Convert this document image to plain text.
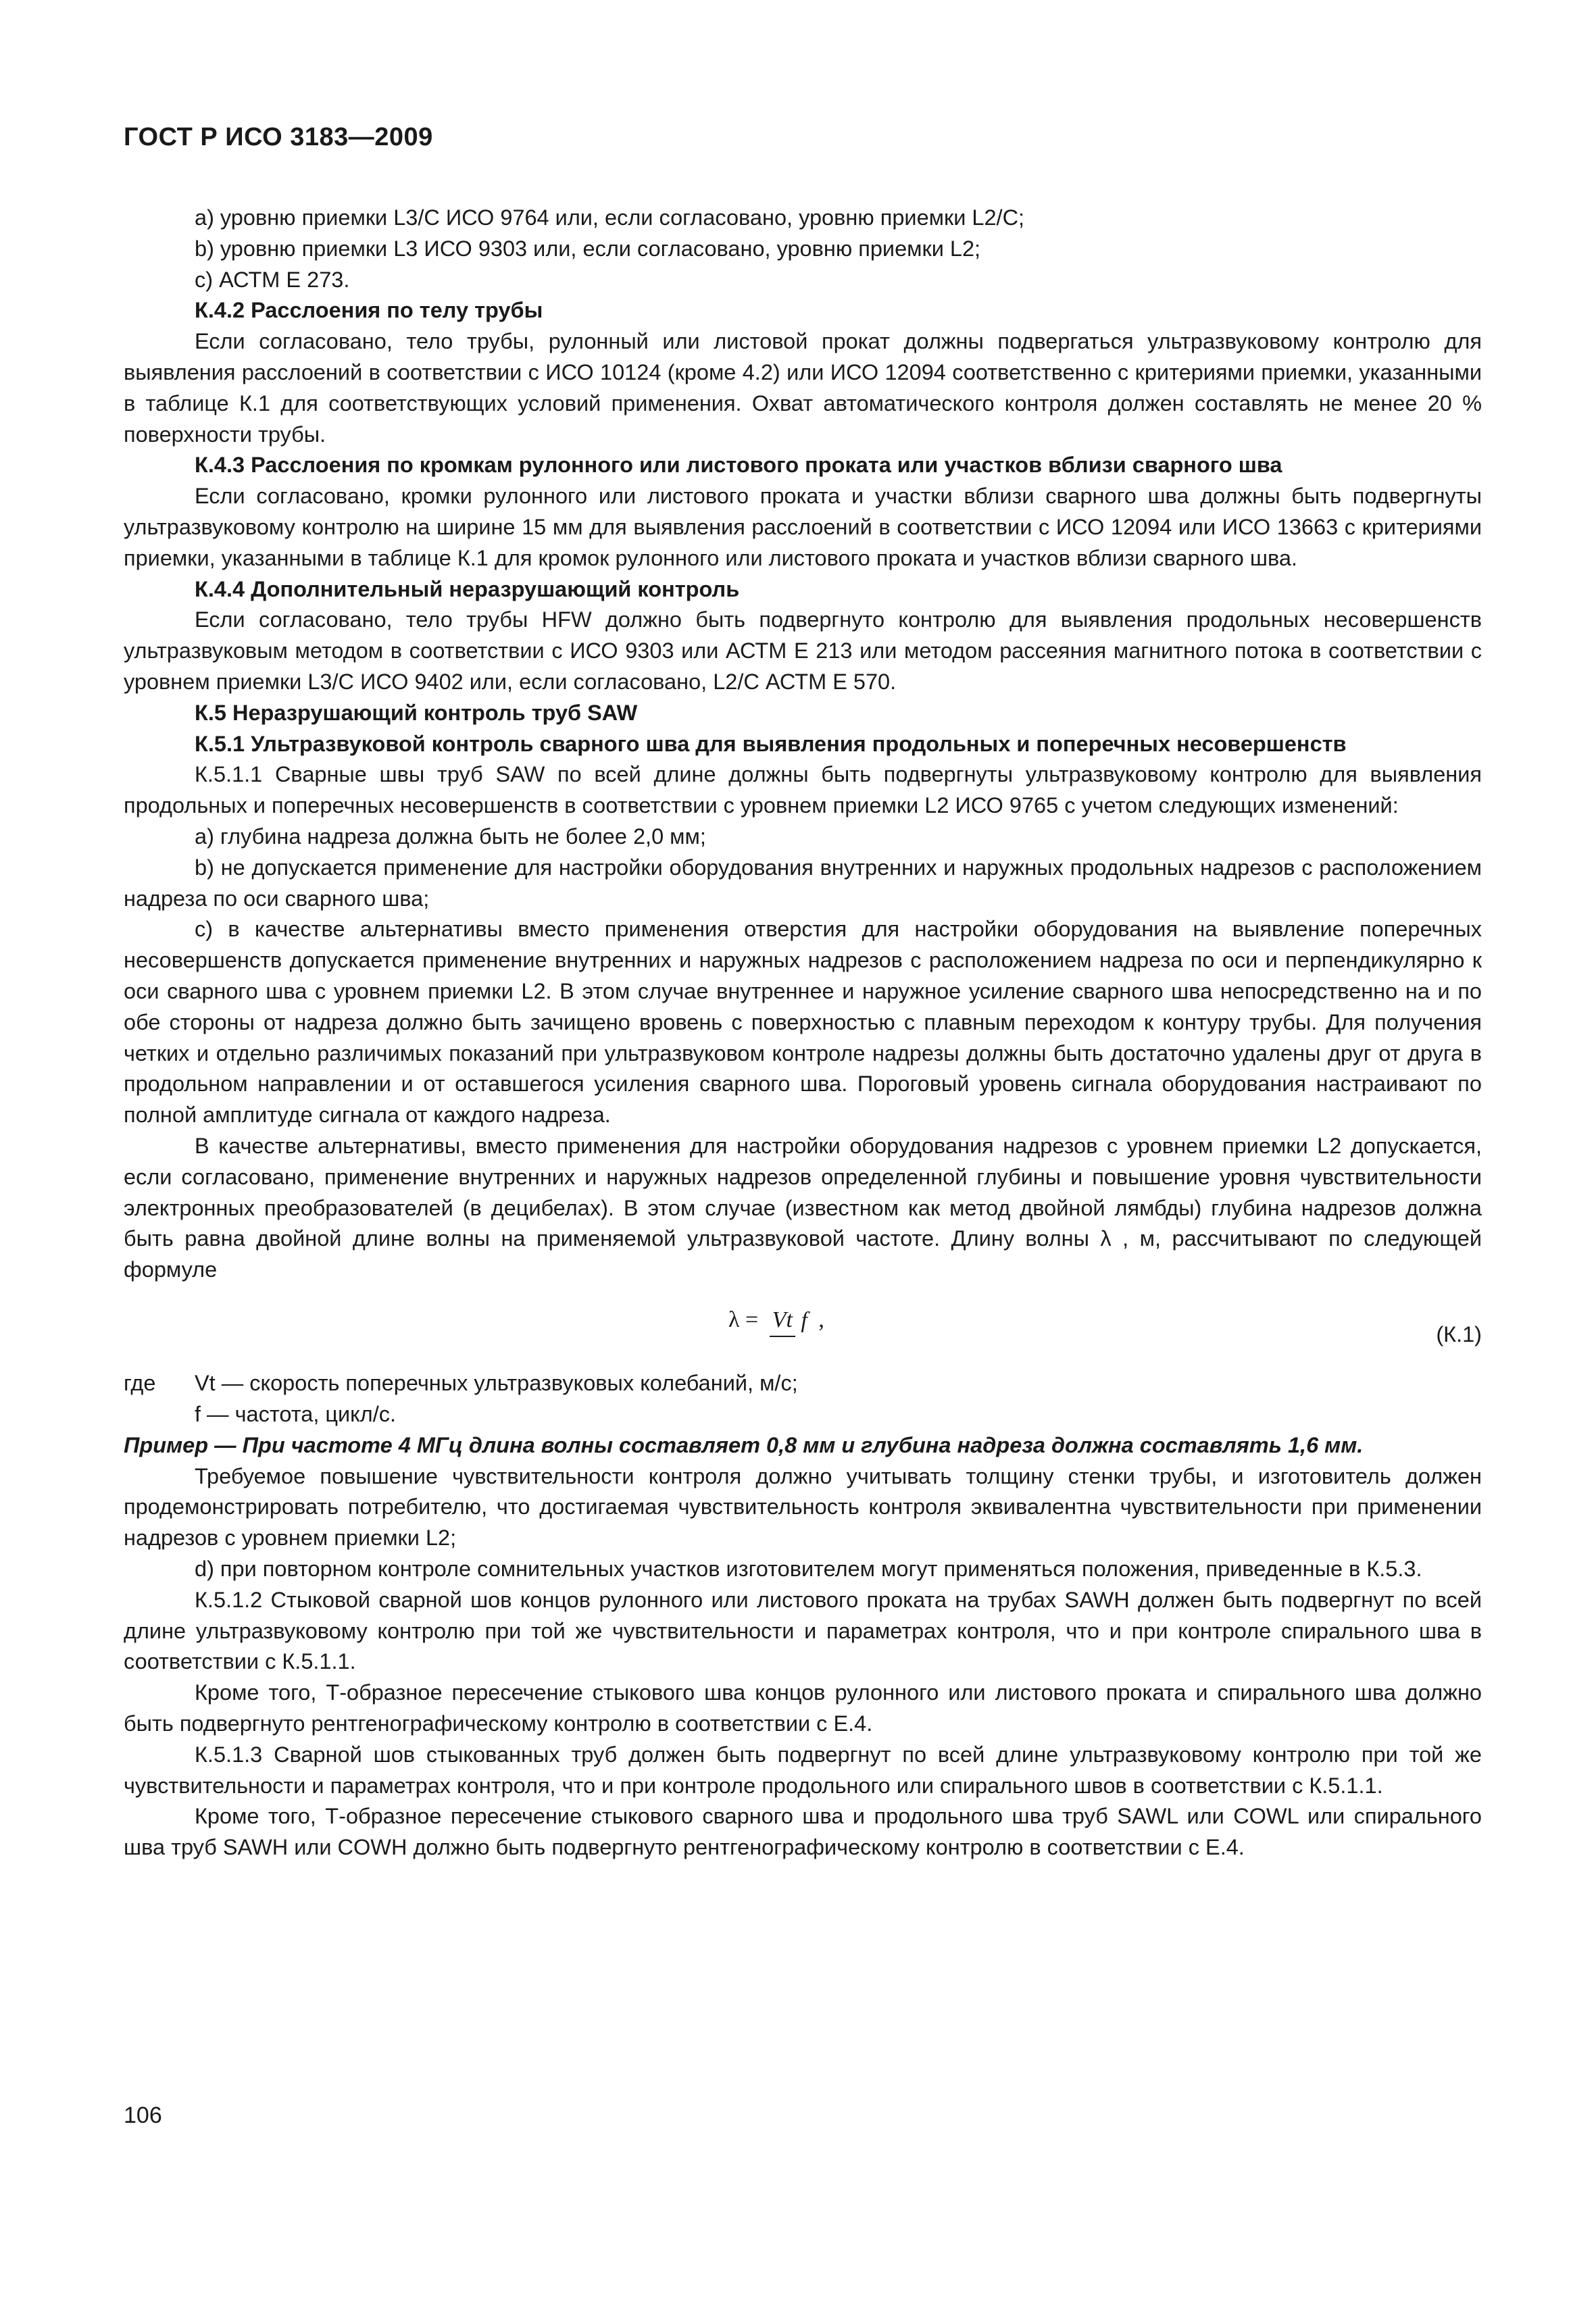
ГОСТ Р ИСО 3183—2009

a) уровню приемки L3/C ИСО 9764 или, если согласовано, уровню приемки L2/C;

b) уровню приемки L3 ИСО 9303 или, если согласовано, уровню приемки L2;

c) АСТМ Е 273.

К.4.2 Расслоения по телу трубы

Если согласовано, тело трубы, рулонный или листовой прокат должны подвергаться ультразвуковому контролю для выявления расслоений в соответствии с ИСО 10124 (кроме 4.2) или ИСО 12094 соответственно с критериями приемки, указанными в таблице К.1 для соответствующих условий применения. Охват автоматического контроля должен составлять не менее 20 % поверхности трубы.

К.4.3 Расслоения по кромкам рулонного или листового проката или участков вблизи сварного шва

Если согласовано, кромки рулонного или листового проката и участки вблизи сварного шва должны быть подвергнуты ультразвуковому контролю на ширине 15 мм для выявления расслоений в соответствии с ИСО 12094 или ИСО 13663 с критериями приемки, указанными в таблице К.1 для кромок рулонного или листового проката и участков вблизи сварного шва.

К.4.4 Дополнительный неразрушающий контроль

Если согласовано, тело трубы HFW должно быть подвергнуто контролю для выявления продольных несовершенств ультразвуковым методом в соответствии с ИСО 9303 или АСТМ Е 213 или методом рассеяния магнитного потока в соответствии с уровнем приемки L3/C ИСО 9402 или, если согласовано, L2/C АСТМ Е 570.

К.5 Неразрушающий контроль труб SAW

К.5.1 Ультразвуковой контроль сварного шва для выявления продольных и поперечных несовершенств

К.5.1.1 Сварные швы труб SAW по всей длине должны быть подвергнуты ультразвуковому контролю для выявления продольных и поперечных несовершенств в соответствии с уровнем приемки L2 ИСО 9765 с учетом следующих изменений:

a) глубина надреза должна быть не более 2,0 мм;

b) не допускается применение для настройки оборудования внутренних и наружных продольных надрезов с расположением надреза по оси сварного шва;

c) в качестве альтернативы вместо применения отверстия для настройки оборудования на выявление поперечных несовершенств допускается применение внутренних и наружных надрезов с расположением надреза по оси и перпендикулярно к оси сварного шва с уровнем приемки L2. В этом случае внутреннее и наружное усиление сварного шва непосредственно на и по обе стороны от надреза должно быть зачищено вровень с поверхностью с плавным переходом к контуру трубы. Для получения четких и отдельно различимых показаний при ультразвуковом контроле надрезы должны быть достаточно удалены друг от друга в продольном направлении и от оставшегося усиления сварного шва. Пороговый уровень сигнала оборудования настраивают по полной амплитуде сигнала от каждого надреза.

В качестве альтернативы, вместо применения для настройки оборудования надрезов с уровнем приемки L2 допускается, если согласовано, применение внутренних и наружных надрезов определенной глубины и повышение уровня чувствительности электронных преобразователей (в децибелах). В этом случае (известном как метод двойной лямбды) глубина надрезов должна быть равна двойной длине волны на применяемой ультразвуковой частоте. Длину волны λ , м, рассчитывают по следующей формуле

λ = Vt f ,
(К.1)
где Vt — скорость поперечных ультразвуковых колебаний, м/с;
f — частота, цикл/с.

Пример — При частоте 4 МГц длина волны составляет 0,8 мм и глубина надреза должна составлять 1,6 мм.

Требуемое повышение чувствительности контроля должно учитывать толщину стенки трубы, и изготовитель должен продемонстрировать потребителю, что достигаемая чувствительность контроля эквивалентна чувствительности при применении надрезов с уровнем приемки L2;

d) при повторном контроле сомнительных участков изготовителем могут применяться положения, приведенные в К.5.3.

К.5.1.2 Стыковой сварной шов концов рулонного или листового проката на трубах SAWH должен быть подвергнут по всей длине ультразвуковому контролю при той же чувствительности и параметрах контроля, что и при контроле спирального шва в соответствии с К.5.1.1.

Кроме того, Т-образное пересечение стыкового шва концов рулонного или листового проката и спирального шва должно быть подвергнуто рентгенографическому контролю в соответствии с Е.4.

К.5.1.3 Сварной шов стыкованных труб должен быть подвергнут по всей длине ультразвуковому контролю при той же чувствительности и параметрах контроля, что и при контроле продольного или спирального швов в соответствии с К.5.1.1.

Кроме того, Т-образное пересечение стыкового сварного шва и продольного шва труб SAWL или COWL или спирального шва труб SAWH или COWH должно быть подвергнуто рентгенографическому контролю в соответствии с Е.4.

106
